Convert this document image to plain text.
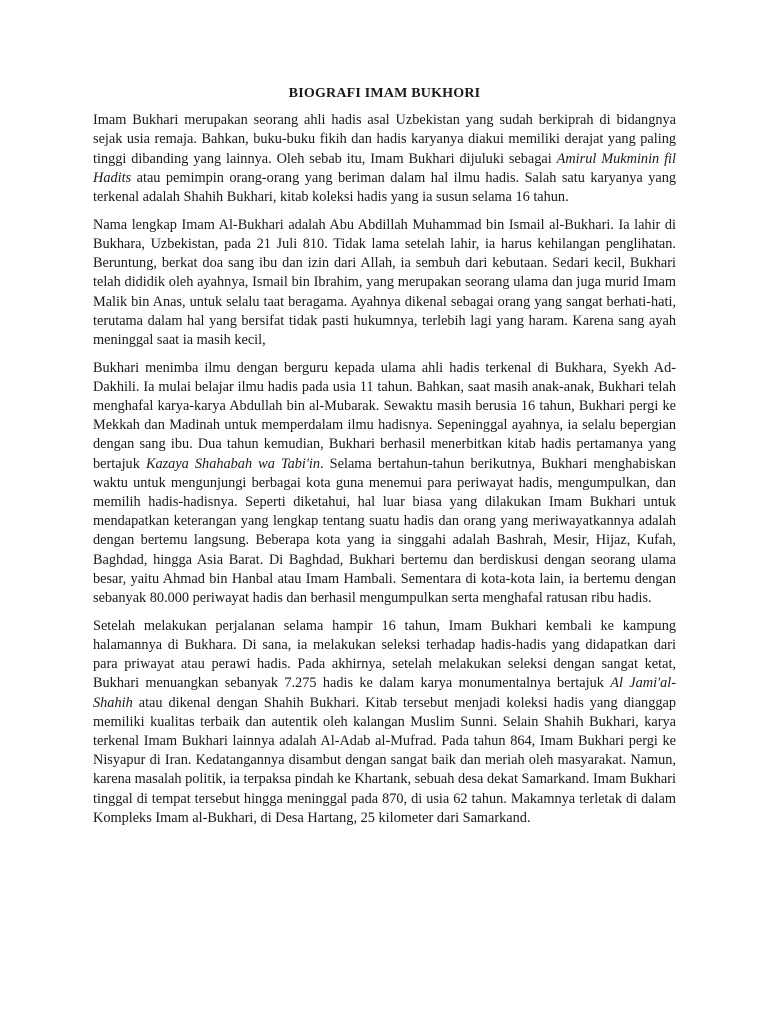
BIOGRAFI IMAM BUKHORI

Imam Bukhari merupakan seorang ahli hadis asal Uzbekistan yang sudah berkiprah di bidangnya sejak usia remaja. Bahkan, buku-buku fikih dan hadis karyanya diakui memiliki derajat yang paling tinggi dibanding yang lainnya. Oleh sebab itu, Imam Bukhari dijuluki sebagai Amirul Mukminin fil Hadits atau pemimpin orang-orang yang beriman dalam hal ilmu hadis. Salah satu karyanya yang terkenal adalah Shahih Bukhari, kitab koleksi hadis yang ia susun selama 16 tahun.

Nama lengkap Imam Al-Bukhari adalah Abu Abdillah Muhammad bin Ismail al-Bukhari. Ia lahir di Bukhara, Uzbekistan, pada 21 Juli 810. Tidak lama setelah lahir, ia harus kehilangan penglihatan. Beruntung, berkat doa sang ibu dan izin dari Allah, ia sembuh dari kebutaan. Sedari kecil, Bukhari telah dididik oleh ayahnya, Ismail bin Ibrahim, yang merupakan seorang ulama dan juga murid Imam Malik bin Anas, untuk selalu taat beragama. Ayahnya dikenal sebagai orang yang sangat berhati-hati, terutama dalam hal yang bersifat tidak pasti hukumnya, terlebih lagi yang haram. Karena sang ayah meninggal saat ia masih kecil,

Bukhari menimba ilmu dengan berguru kepada ulama ahli hadis terkenal di Bukhara, Syekh Ad-Dakhili. Ia mulai belajar ilmu hadis pada usia 11 tahun. Bahkan, saat masih anak-anak, Bukhari telah menghafal karya-karya Abdullah bin al-Mubarak. Sewaktu masih berusia 16 tahun, Bukhari pergi ke Mekkah dan Madinah untuk memperdalam ilmu hadisnya. Sepeninggal ayahnya, ia selalu bepergian dengan sang ibu. Dua tahun kemudian, Bukhari berhasil menerbitkan kitab hadis pertamanya yang bertajuk Kazaya Shahabah wa Tabi'in. Selama bertahun-tahun berikutnya, Bukhari menghabiskan waktu untuk mengunjungi berbagai kota guna menemui para periwayat hadis, mengumpulkan, dan memilih hadis-hadisnya. Seperti diketahui, hal luar biasa yang dilakukan Imam Bukhari untuk mendapatkan keterangan yang lengkap tentang suatu hadis dan orang yang meriwayatkannya adalah dengan bertemu langsung. Beberapa kota yang ia singgahi adalah Bashrah, Mesir, Hijaz, Kufah, Baghdad, hingga Asia Barat. Di Baghdad, Bukhari bertemu dan berdiskusi dengan seorang ulama besar, yaitu Ahmad bin Hanbal atau Imam Hambali. Sementara di kota-kota lain, ia bertemu dengan sebanyak 80.000 periwayat hadis dan berhasil mengumpulkan serta menghafal ratusan ribu hadis.

Setelah melakukan perjalanan selama hampir 16 tahun, Imam Bukhari kembali ke kampung halamannya di Bukhara. Di sana, ia melakukan seleksi terhadap hadis-hadis yang didapatkan dari para priwayat atau perawi hadis. Pada akhirnya, setelah melakukan seleksi dengan sangat ketat, Bukhari menuangkan sebanyak 7.275 hadis ke dalam karya monumentalnya bertajuk Al Jami'al-Shahih atau dikenal dengan Shahih Bukhari. Kitab tersebut menjadi koleksi hadis yang dianggap memiliki kualitas terbaik dan autentik oleh kalangan Muslim Sunni. Selain Shahih Bukhari, karya terkenal Imam Bukhari lainnya adalah Al-Adab al-Mufrad. Pada tahun 864, Imam Bukhari pergi ke Nisyapur di Iran. Kedatangannya disambut dengan sangat baik dan meriah oleh masyarakat. Namun, karena masalah politik, ia terpaksa pindah ke Khartank, sebuah desa dekat Samarkand. Imam Bukhari tinggal di tempat tersebut hingga meninggal pada 870, di usia 62 tahun. Makamnya terletak di dalam Kompleks Imam al-Bukhari, di Desa Hartang, 25 kilometer dari Samarkand.
